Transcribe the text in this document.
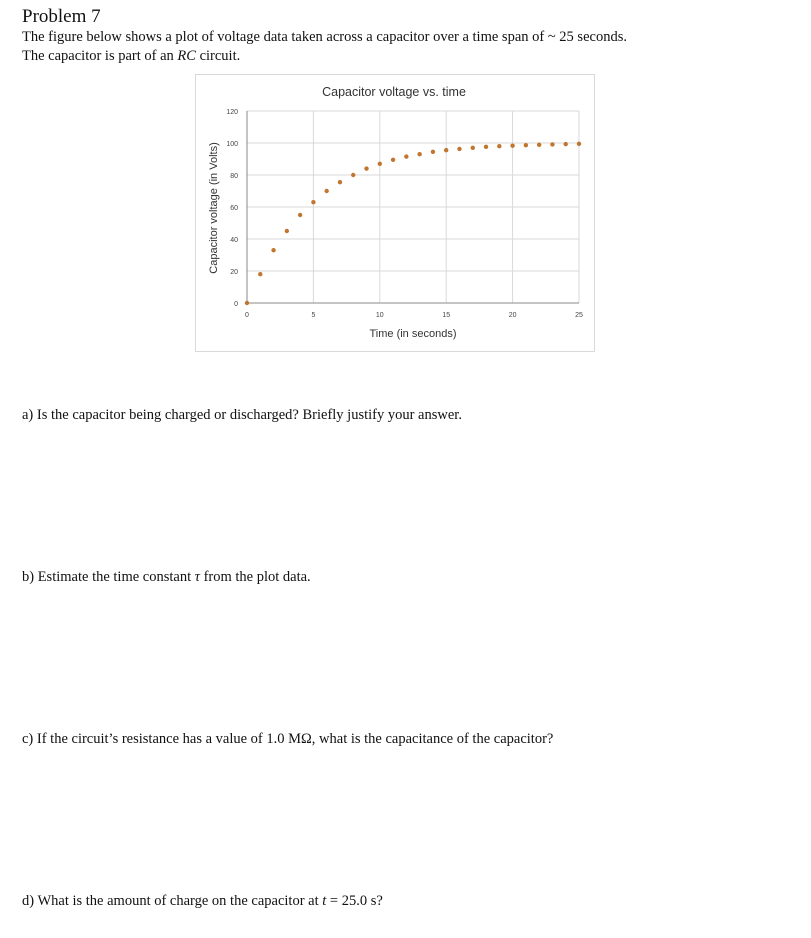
Problem 7
The figure below shows a plot of voltage data taken across a capacitor over a time span of ~ 25 seconds.
The capacitor is part of an RC circuit.
Capacitor voltage vs. time
0
20
40
60
80
100
120
0	5	10	15	20	25
Time (in seconds)
Capacitor voltage (in Volts)
a) Is the capacitor being charged or discharged? Briefly justify your answer.
b) Estimate the time constant τ from the plot data.
c) If the circuit’s resistance has a value of 1.0 MΩ, what is the capacitance of the capacitor?
d) What is the amount of charge on the capacitor at t = 25.0 s?
